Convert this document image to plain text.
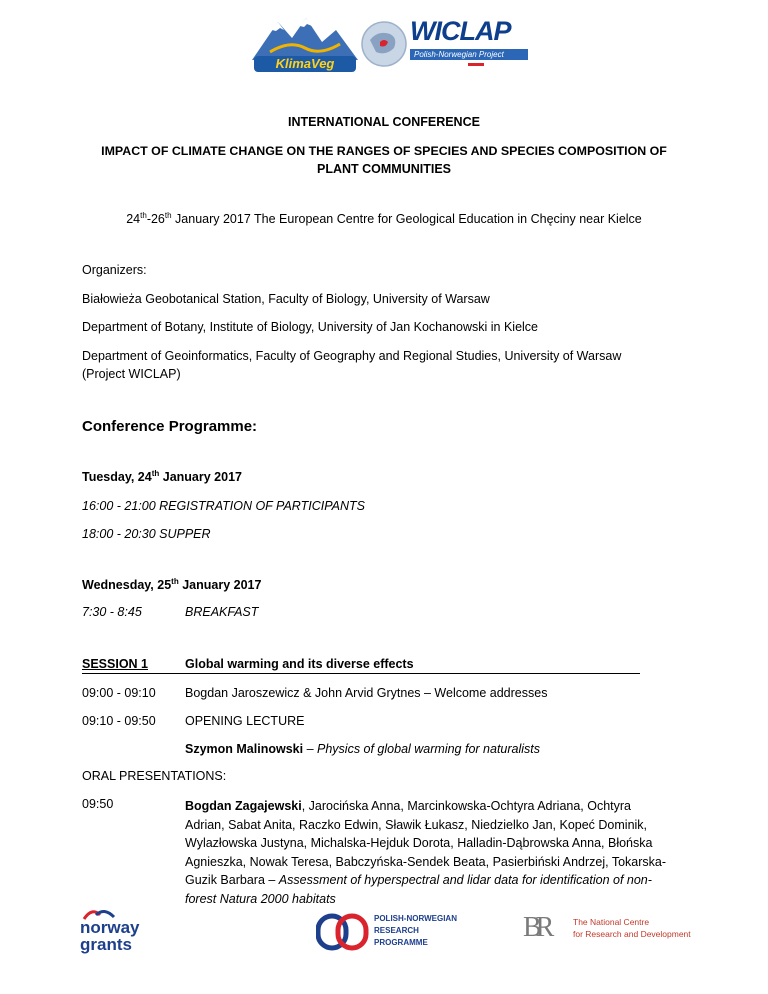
KlimaVeg
WICLAP
Polish-Norwegian Project
INTERNATIONAL CONFERENCE
IMPACT OF CLIMATE CHANGE ON THE RANGES OF SPECIES AND SPECIES COMPOSITION OF
PLANT COMMUNITIES
24th-26th January 2017 The European Centre for Geological Education in Chęciny near Kielce
Organizers:
Białowieża Geobotanical Station, Faculty of Biology, University of Warsaw
Department of Botany, Institute of Biology, University of Jan Kochanowski in Kielce
Department of Geoinformatics, Faculty of Geography and Regional Studies, University of Warsaw
(Project WICLAP)
Conference Programme:
Tuesday, 24th January 2017
16:00 - 21:00 REGISTRATION OF PARTICIPANTS
18:00 - 20:30 SUPPER
Wednesday, 25th January 2017
7:30 - 8:45	BREAKFAST
SESSION 1	Global warming and its diverse effects
09:00 - 09:10 Bogdan Jaroszewicz & John Arvid Grytnes – Welcome addresses
09:10 - 09:50 OPENING LECTURE
Szymon Malinowski – Physics of global warming for naturalists
ORAL PRESENTATIONS:
09:50	Bogdan Zagajewski, Jarocińska Anna, Marcinkowska-Ochtyra Adriana, Ochtyra
Adrian, Sabat Anita, Raczko Edwin, Sławik Łukasz, Niedzielko Jan, Kopeć Dominik,
Wylazłowska Justyna, Michalska-Hejduk Dorota, Halladin-Dąbrowska Anna, Błońska
Agnieszka, Nowak Teresa, Babczyńska-Sendek Beata, Pasierbiński Andrzej, Tokarska-
Guzik Barbara – Assessment of hyperspectral and lidar data for identification of non-
forest Natura 2000 habitats
norway
grants
POLISH-NORWEGIAN
RESEARCH
PROGRAMME	BR	The National Centre
for Research and Development
